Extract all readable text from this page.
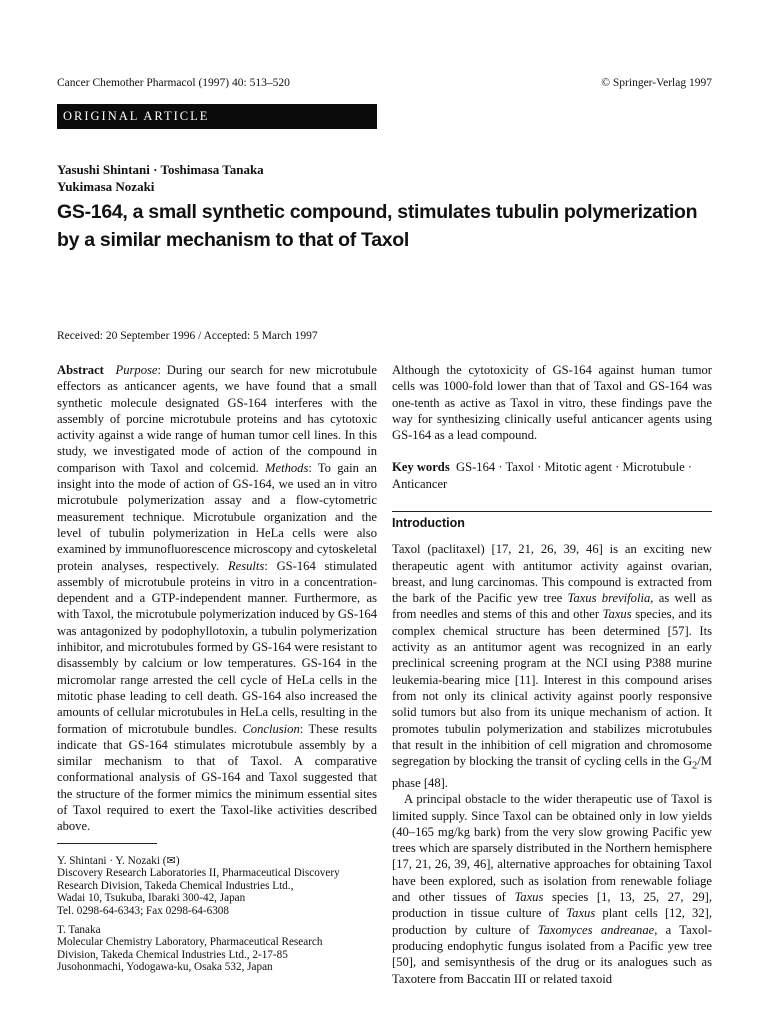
Cancer Chemother Pharmacol (1997) 40: 513–520	© Springer-Verlag 1997
ORIGINAL ARTICLE
Yasushi Shintani · Toshimasa Tanaka
Yukimasa Nozaki
GS-164, a small synthetic compound, stimulates tubulin polymerization
by a similar mechanism to that of Taxol
Received: 20 September 1996 / Accepted: 5 March 1997

Abstract Purpose: During our search for new microtubule effectors as anticancer agents, we have found that a small synthetic molecule designated GS-164 interferes with the assembly of porcine microtubule proteins and has cytotoxic activity against a wide range of human tumor cell lines. In this study, we investigated mode of action of the compound in comparison with Taxol and colcemid. Methods: To gain an insight into the mode of action of GS-164, we used an in vitro microtubule polymerization assay and a flow-cytometric measurement technique. Microtubule organization and the level of tubulin polymerization in HeLa cells were also examined by immunofluorescence microscopy and cytoskeletal protein analyses, respectively. Results: GS-164 stimulated assembly of microtubule proteins in vitro in a concentration-dependent and a GTP-independent manner. Furthermore, as with Taxol, the microtubule polymerization induced by GS-164 was antagonized by podophyllotoxin, a tubulin polymerization inhibitor, and microtubules formed by GS-164 were resistant to disassembly by calcium or low temperatures. GS-164 in the micromolar range arrested the cell cycle of HeLa cells in the mitotic phase leading to cell death. GS-164 also increased the amounts of cellular microtubules in HeLa cells, resulting in the formation of microtubule bundles. Conclusion: These results indicate that GS-164 stimulates microtubule assembly by a similar mechanism to that of Taxol. A comparative conformational analysis of GS-164 and Taxol suggested that the structure of the former mimics the minimum essential sites of Taxol required to exert the Taxol-like activities described above.

Y. Shintani · Y. Nozaki (✉)

Discovery Research Laboratories II, Pharmaceutical Discovery

Research Division, Takeda Chemical Industries Ltd.,

Wadai 10, Tsukuba, Ibaraki 300-42, Japan

Tel. 0298-64-6343; Fax 0298-64-6308

T. Tanaka

Molecular Chemistry Laboratory, Pharmaceutical Research

Division, Takeda Chemical Industries Ltd., 2-17-85

Jusohonmachi, Yodogawa-ku, Osaka 532, Japan

Although the cytotoxicity of GS-164 against human tumor cells was 1000-fold lower than that of Taxol and GS-164 was one-tenth as active as Taxol in vitro, these findings pave the way for synthesizing clinically useful anticancer agents using GS-164 as a lead compound.

Key words GS-164 · Taxol · Mitotic agent · Microtubule · Anticancer

Introduction

Taxol (paclitaxel) [17, 21, 26, 39, 46] is an exciting new therapeutic agent with antitumor activity against ovarian, breast, and lung carcinomas. This compound is extracted from the bark of the Pacific yew tree Taxus brevifolia, as well as from needles and stems of this and other Taxus species, and its complex chemical structure has been determined [57]. Its activity as an antitumor agent was recognized in an early preclinical screening program at the NCI using P388 murine leukemia-bearing mice [11]. Interest in this compound arises from not only its clinical activity against poorly responsive solid tumors but also from its unique mechanism of action. It promotes tubulin polymerization and stabilizes microtubules that result in the inhibition of cell migration and chromosome segregation by blocking the transit of cycling cells in the $G_2/M$ phase [48].

A principal obstacle to the wider therapeutic use of Taxol is limited supply. Since Taxol can be obtained only in low yields (40–165 mg/kg bark) from the very slow growing Pacific yew trees which are sparsely distributed in the Northern hemisphere [17, 21, 26, 39, 46], alternative approaches for obtaining Taxol have been explored, such as isolation from renewable foliage and other tissues of Taxus species [1, 13, 25, 27, 29], production in tissue culture of Taxus plant cells [12, 32], production by culture of Taxomyces andreanae, a Taxol-producing endophytic fungus isolated from a Pacific yew tree [50], and semisynthesis of the drug or its analogues such as Taxotere from Baccatin III or related taxoid
